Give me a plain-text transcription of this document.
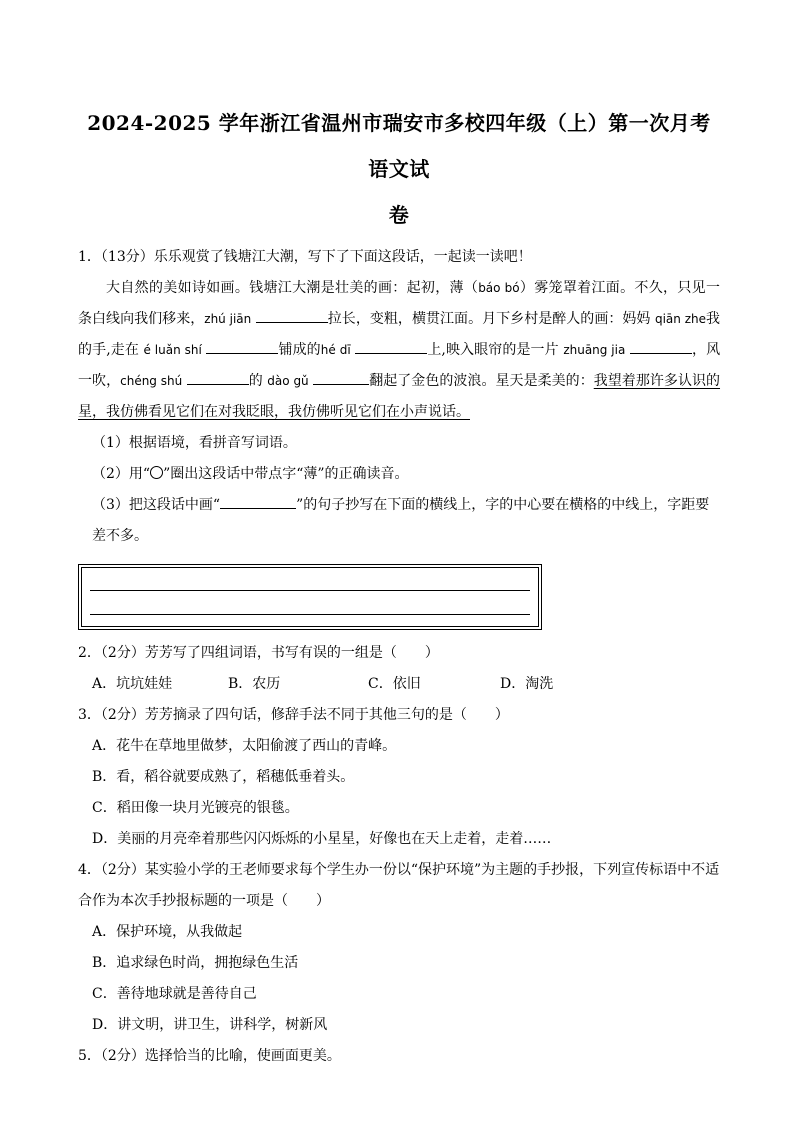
2024-2025 学年浙江省温州市瑞安市多校四年级（上）第一次月考语文试
卷
1．（13分）乐乐观赏了钱塘江大潮，写下了下面这段话，一起读一读吧！
大自然的美如诗如画。钱塘江大潮是壮美的画：起初，薄（báo bó）雾笼罩着江面。不久，只见一条白线向我们移来，zhú jiān	拉长，变粗，横贯江面。月下乡村是醉人的画：妈妈 qiān zhe我的手,走在 é luǎn shí	铺成的hé dī	上,映入眼帘的是一片 zhuāng jia	，风一吹，chéng shú	的 dào gǔ	翻起了金色的波浪。星天是柔美的：我望着那许多认识的星，我仿佛看见它们在对我眨眼，我仿佛听见它们在小声说话。
（1）根据语境，看拼音写词语。
（2）用“ ”圈出这段话中带点字“薄”的正确读音。
（3）把这段话中画“	”的句子抄写在下面的横线上，字的中心要在横格的中线上，字距要差不多。
2．（2分）芳芳写了四组词语，书写有误的一组是（　　）
A．坑坑娃娃	B．农历	C．依旧	D．淘洗
3．（2分）芳芳摘录了四句话，修辞手法不同于其他三句的是（　　）
A．花牛在草地里做梦，太阳偷渡了西山的青峰。
B．看，稻谷就要成熟了，稻穗低垂着头。
C．稻田像一块月光镀亮的银毯。
D．美丽的月亮牵着那些闪闪烁烁的小星星，好像也在天上走着，走着……
4．（2分）某实验小学的王老师要求每个学生办一份以“保护环境”为主题的手抄报，下列宣传标语中不适合作为本次手抄报标题的一项是（　　）
A．保护环境，从我做起
B．追求绿色时尚，拥抱绿色生活
C．善待地球就是善待自己
D．讲文明，讲卫生，讲科学，树新风
5．（2分）选择恰当的比喻，使画面更美。
